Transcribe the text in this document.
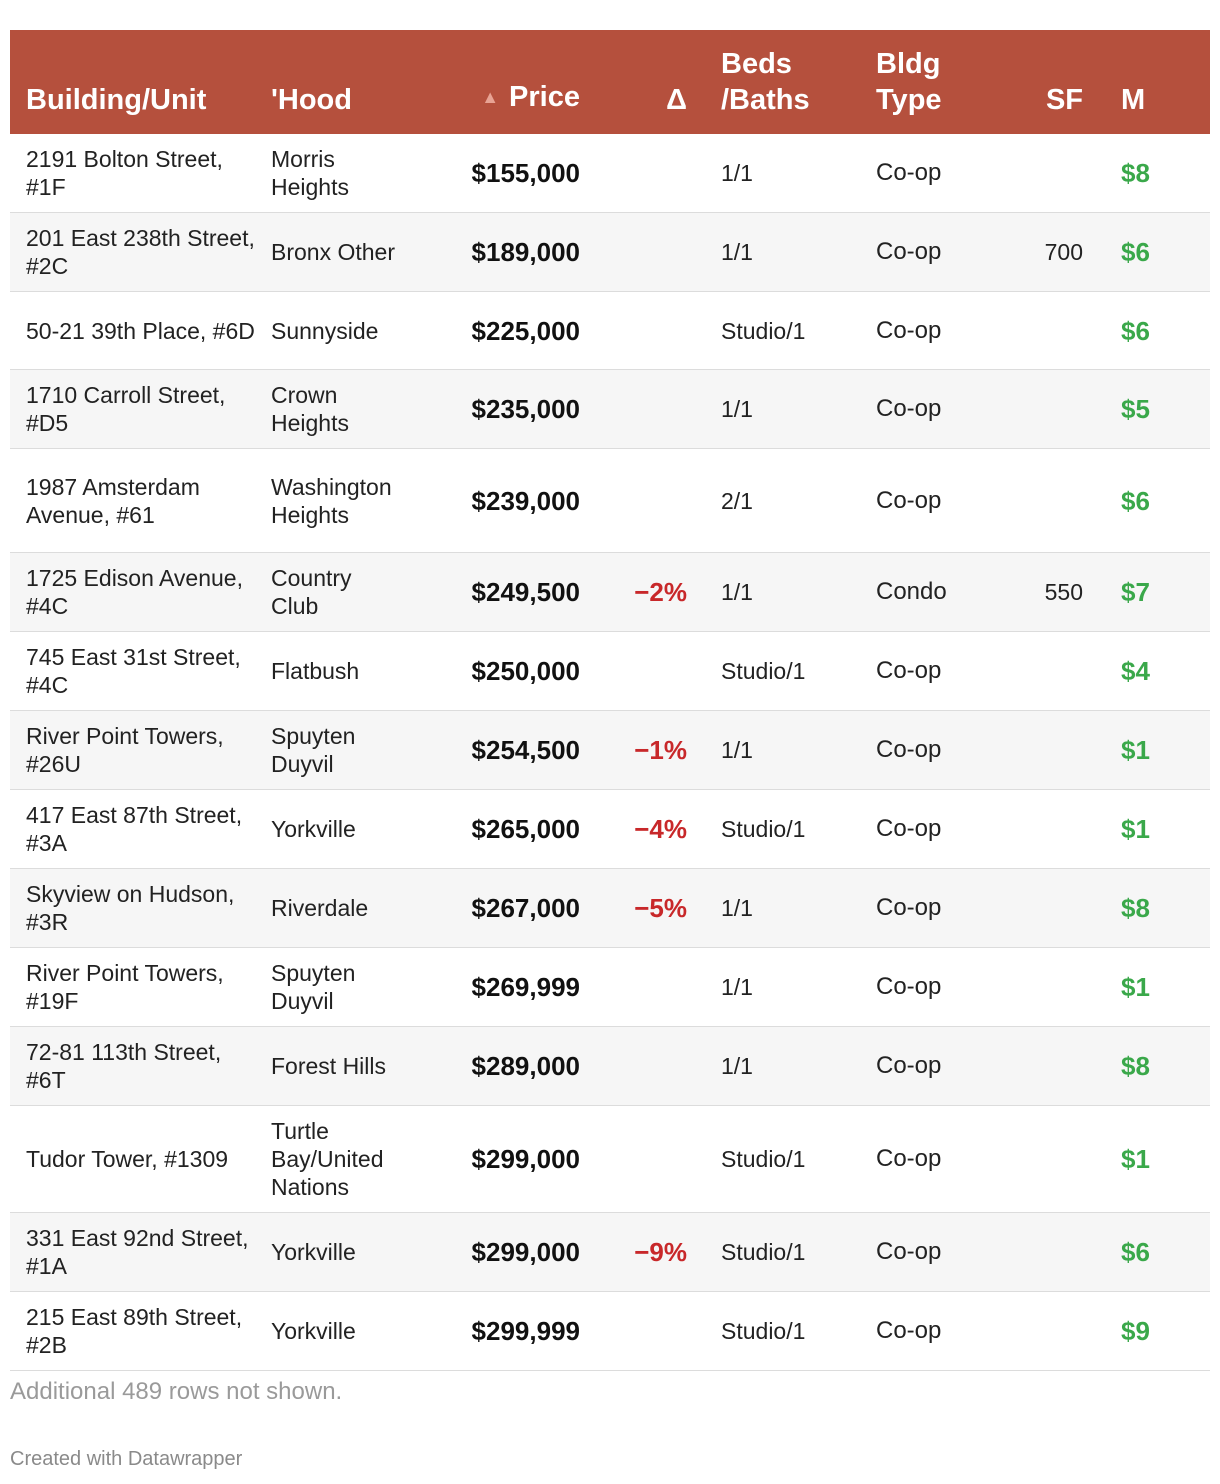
Building/Unit	'Hood	▲ Price	Δ	Beds /Baths	Bldg Type	SF	M
2191 Bolton Street, #1F	Morris Heights	$155,000		1/1	Co-op		$8
201 East 238th Street, #2C	Bronx Other	$189,000		1/1	Co-op	700	$6
50-21 39th Place, #6D	Sunnyside	$225,000		Studio/1	Co-op		$6
1710 Carroll Street, #D5	Crown Heights	$235,000		1/1	Co-op		$5
1987 Amsterdam Avenue, #61	Washington Heights	$239,000		2/1	Co-op		$6
1725 Edison Avenue, #4C	Country Club	$249,500	−2%	1/1	Condo	550	$7
745 East 31st Street, #4C	Flatbush	$250,000		Studio/1	Co-op		$4
River Point Towers, #26U	Spuyten Duyvil	$254,500	−1%	1/1	Co-op		$1
417 East 87th Street, #3A	Yorkville	$265,000	−4%	Studio/1	Co-op		$1
Skyview on Hudson, #3R	Riverdale	$267,000	−5%	1/1	Co-op		$8
River Point Towers, #19F	Spuyten Duyvil	$269,999		1/1	Co-op		$1
72-81 113th Street, #6T	Forest Hills	$289,000		1/1	Co-op		$8
Tudor Tower, #1309	Turtle Bay/United Nations	$299,000		Studio/1	Co-op		$1
331 East 92nd Street, #1A	Yorkville	$299,000	−9%	Studio/1	Co-op		$6
215 East 89th Street, #2B	Yorkville	$299,999		Studio/1	Co-op		$9
Additional 489 rows not shown.
Created with Datawrapper
